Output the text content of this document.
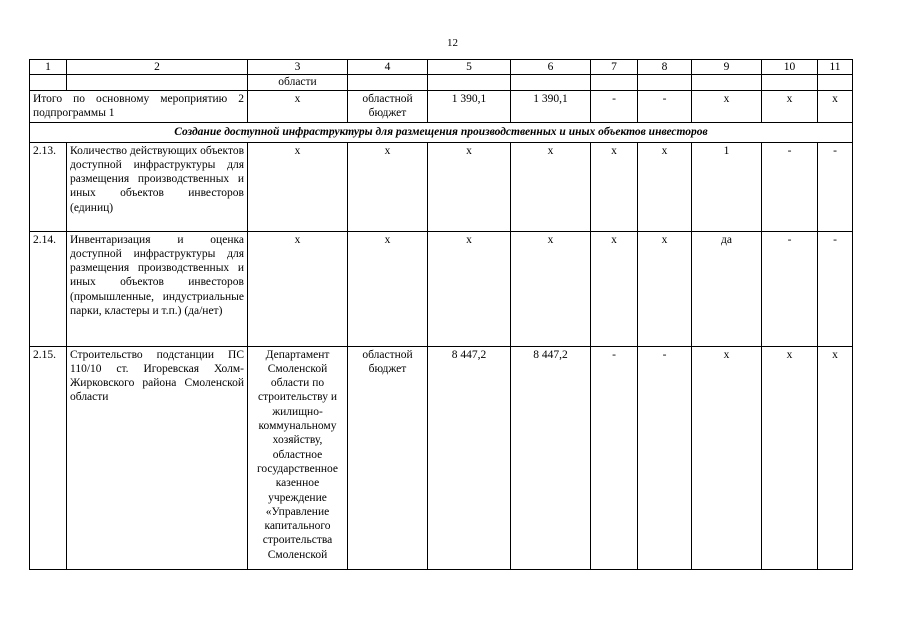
12
1	2	3	4	5	6	7	8	9	10	11
		области								
Итого по основному мероприятию 2 подпрограммы 1		x	областной бюджет	1 390,1	1 390,1	-	-	x	x	x
Создание доступной инфраструктуры для размещения производственных и иных объектов инвесторов										
2.13.	Количество действующих объектов доступной инфраструктуры для размещения производственных и иных объектов инвесторов (единиц)	x	x	x	x	x	x	1	-	-
2.14.	Инвентаризация и оценка доступной инфраструктуры для размещения производственных и иных объектов инвесторов (промышленные, индустриальные парки, кластеры и т.п.) (да/нет)	x	x	x	x	x	x	да	-	-
2.15.	Строительство подстанции ПС 110/10 ст. Игоревская Холм-Жирковского района Смоленской области	Департамент Смоленской области по строительству и жилищно-коммунальному хозяйству, областное государственное казенное учреждение «Управление капитального строительства Смоленской	областной бюджет	8 447,2	8 447,2	-	-	x	x	x
